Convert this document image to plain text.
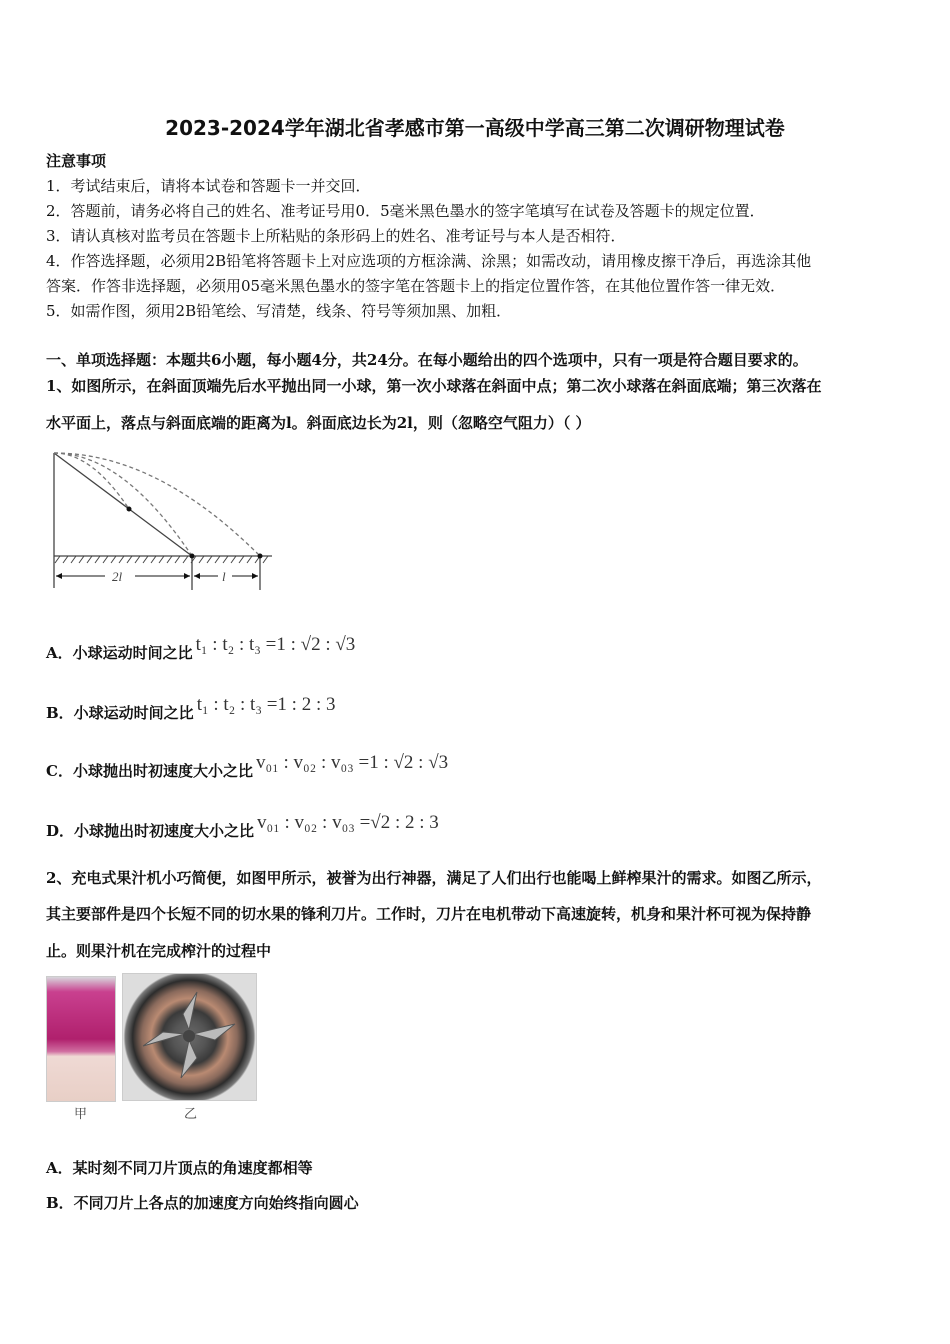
2023-2024学年湖北省孝感市第一高级中学高三第二次调研物理试卷
注意事项
1．考试结束后，请将本试卷和答题卡一并交回．
2．答题前，请务必将自己的姓名、准考证号用0．5毫米黑色墨水的签字笔填写在试卷及答题卡的规定位置．
3．请认真核对监考员在答题卡上所粘贴的条形码上的姓名、准考证号与本人是否相符．
4．作答选择题，必须用2B铅笔将答题卡上对应选项的方框涂满、涂黑；如需改动，请用橡皮擦干净后，再选涂其他
答案．作答非选择题，必须用05毫米黑色墨水的签字笔在答题卡上的指定位置作答，在其他位置作答一律无效．
5．如需作图，须用2B铅笔绘、写清楚，线条、符号等须加黑、加粗．
一、单项选择题：本题共6小题，每小题4分，共24分。在每小题给出的四个选项中，只有一项是符合题目要求的。
1、如图所示，在斜面顶端先后水平抛出同一小球，第一次小球落在斜面中点；第二次小球落在斜面底端；第三次落在
水平面上，落点与斜面底端的距离为l。斜面底边长为2l，则（忽略空气阻力）（ ）
2l	l
A．小球运动时间之比 t₁ : t₂ : t₃ =1 : √2 : √3
B．小球运动时间之比 t₁ : t₂ : t₃ =1 : 2 : 3
C．小球抛出时初速度大小之比 v₀₁ : v₀₂ : v₀₃ =1 : √2 : √3
D．小球抛出时初速度大小之比 v₀₁ : v₀₂ : v₀₃ =√2 : 2 : 3
2、充电式果汁机小巧简便，如图甲所示，被誉为出行神器，满足了人们出行也能喝上鲜榨果汁的需求。如图乙所示，
其主要部件是四个长短不同的切水果的锋利刀片。工作时，刀片在电机带动下高速旋转，机身和果汁杯可视为保持静
止。则果汁机在完成榨汁的过程中
甲	乙
A．某时刻不同刀片顶点的角速度都相等
B．不同刀片上各点的加速度方向始终指向圆心
